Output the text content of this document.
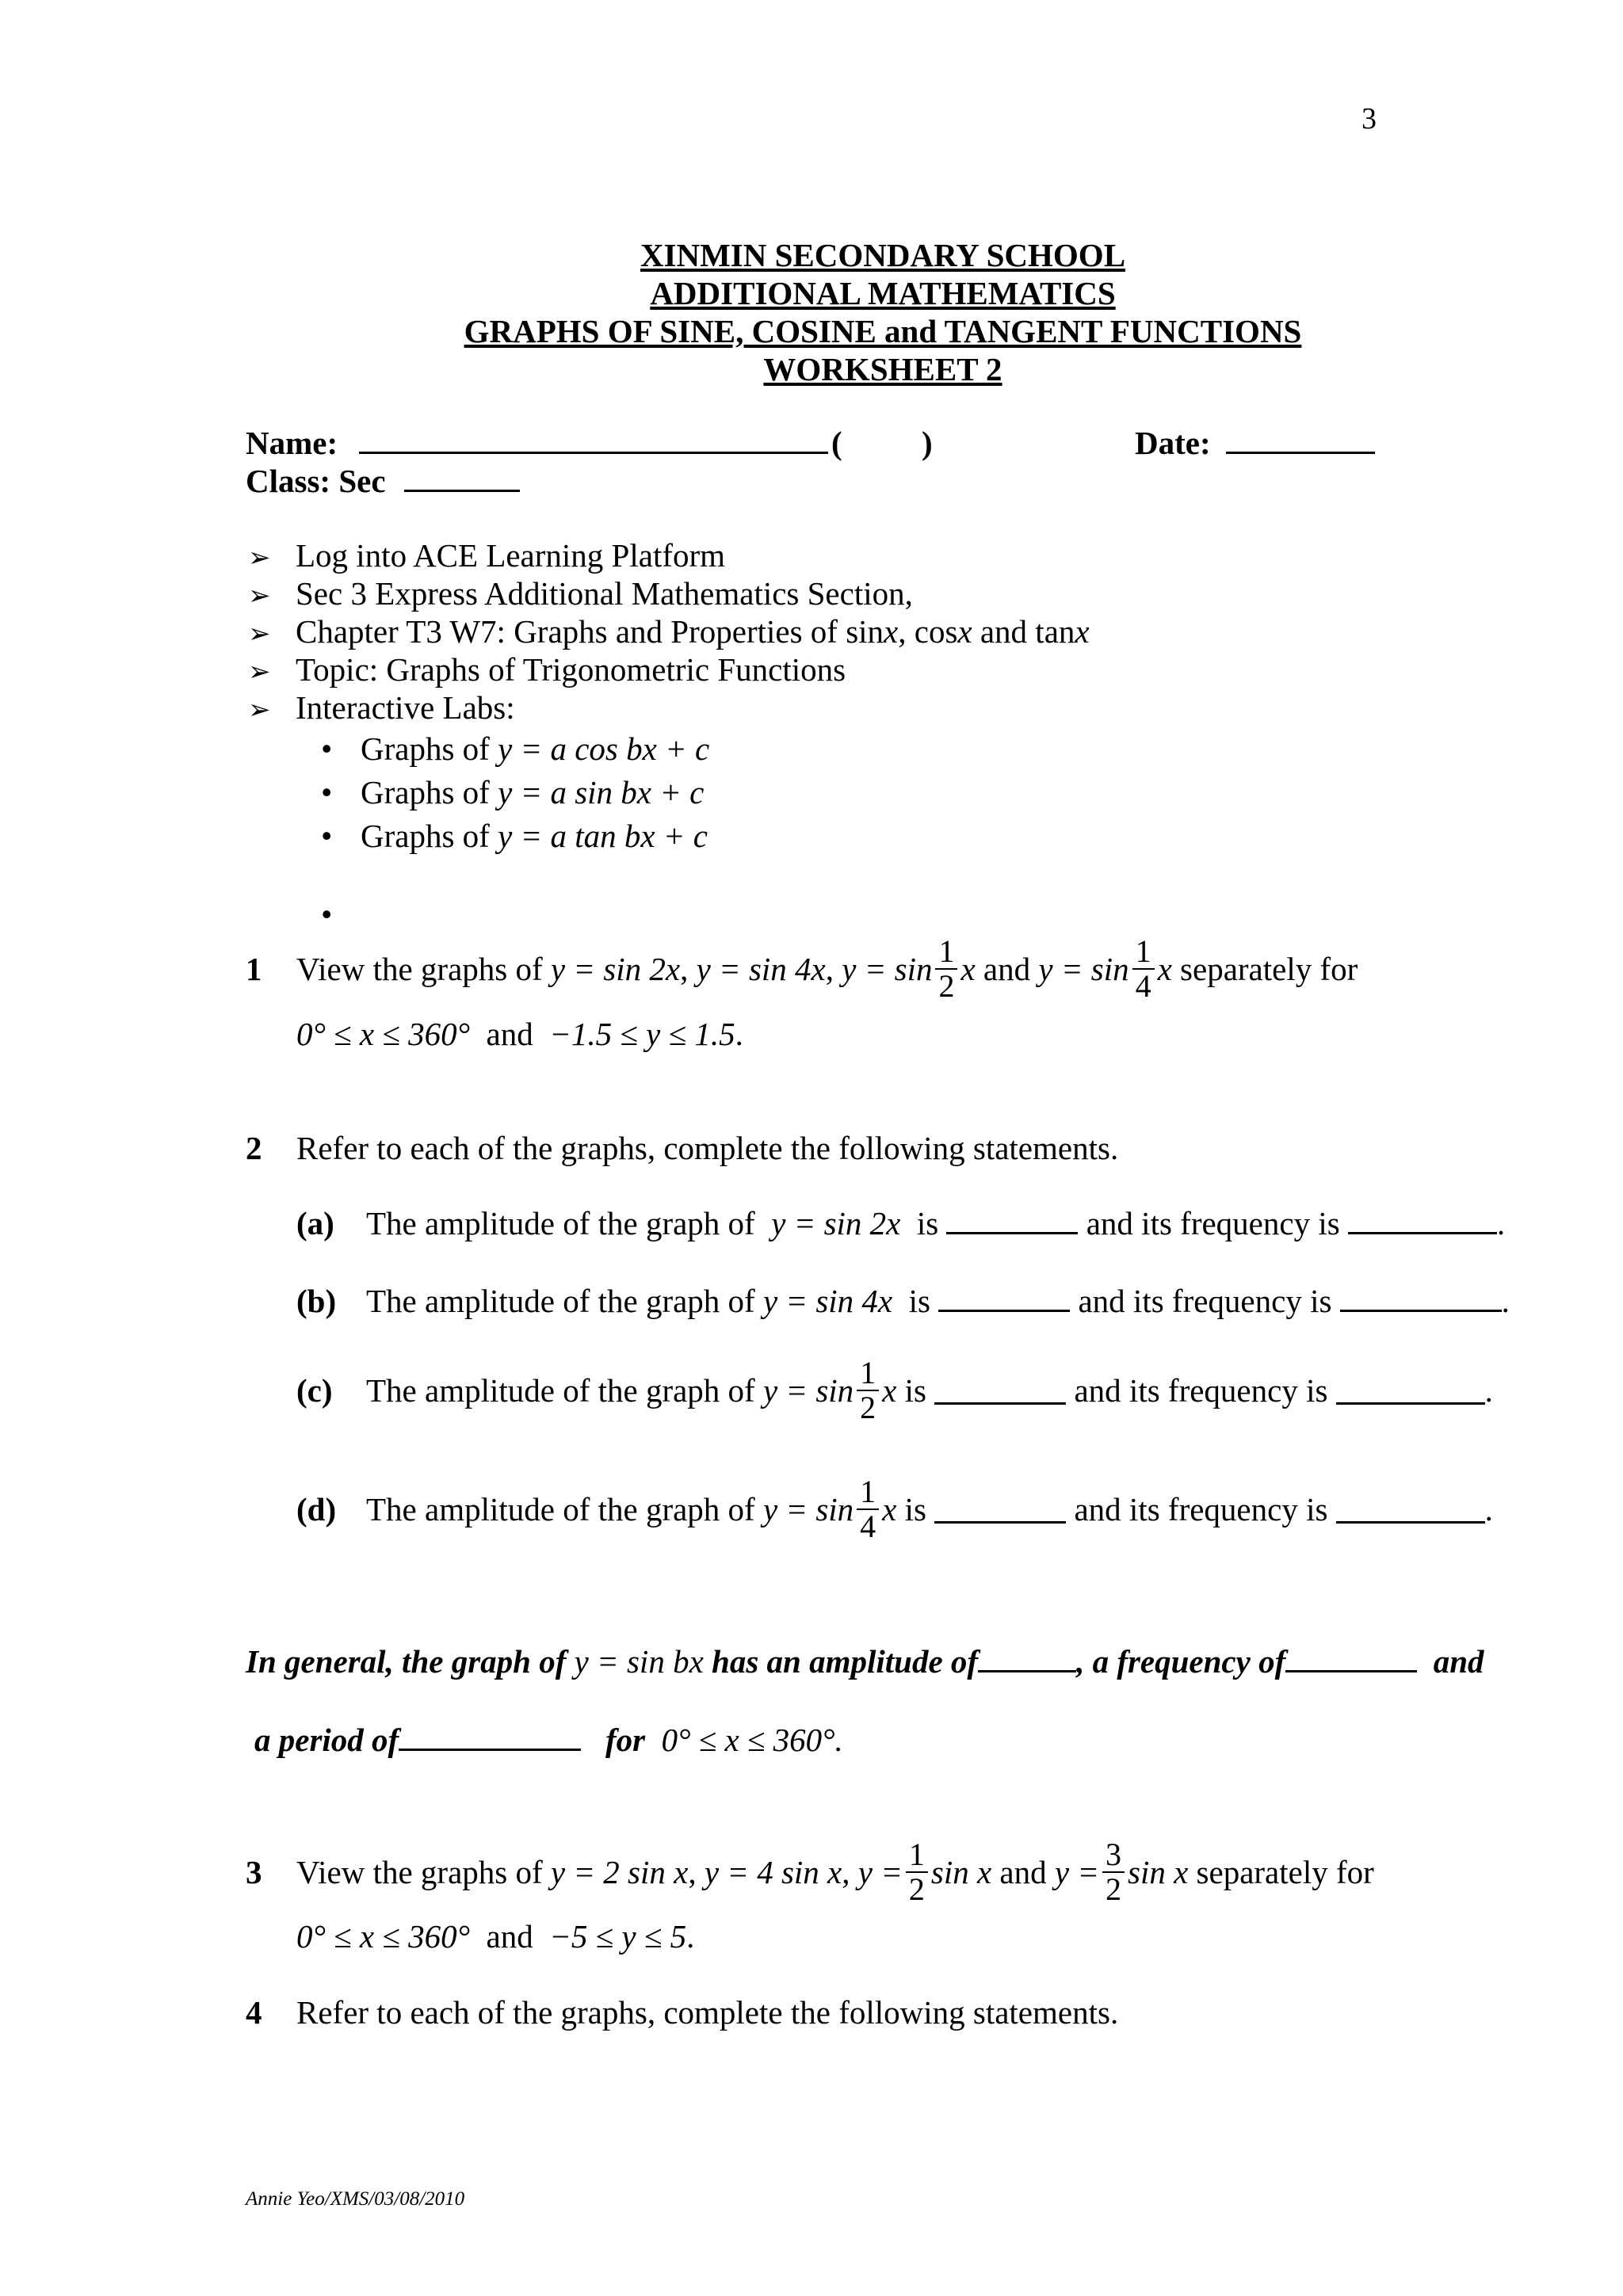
3
XINMIN SECONDARY SCHOOL
ADDITIONAL MATHEMATICS
GRAPHS OF SINE, COSINE and TANGENT FUNCTIONS
WORKSHEET 2
Name:	( )	Date:
Class: Sec
➢ Log into ACE Learning Platform
➢ Sec 3 Express Additional Mathematics Section,
➢ Chapter T3 W7: Graphs and Properties of sinx, cosx and tanx
➢ Topic: Graphs of Trigonometric Functions
➢ Interactive Labs:
• Graphs of y = a cos bx + c
• Graphs of y = a sin bx + c
• Graphs of y = a tan bx + c
•
1	View the graphs of
y = sin 2x , y = sin 4x , $y = \sin \frac{1}{2}$ x
and
$y = \sin \frac{1}{4}$ x
separately for
0° ≤ x ≤ 360° and −1.5 ≤ y ≤ 1.5.
2 Refer to each of the graphs, complete the following statements.
(a) The amplitude of the graph of y = sin 2x is	and its frequency is	.
(b) The amplitude of the graph of y = sin 4x is	and its frequency is	.
(c)	The amplitude of the graph of
$y = \sin \frac{1}{2}$ x
is

	and its frequency is
	.
(d) The amplitude of the graph of
$y = \sin \frac{1}{4}$ x
is

	and its frequency is
	.
In general, the graph of y = sin bx has an amplitude of	, a frequency of	and
a period of	for 0° ≤ x ≤ 360°.
3	View the graphs of
y = 2 sin x , y = 4 sin x , $y = \frac{1}{2}$ sin x
and
$y = \frac{3}{2}$ sin x
separately for
0° ≤ x ≤ 360° and −5 ≤ y ≤ 5.
4 Refer to each of the graphs, complete the following statements.
Annie Yeo/XMS/03/08/2010
